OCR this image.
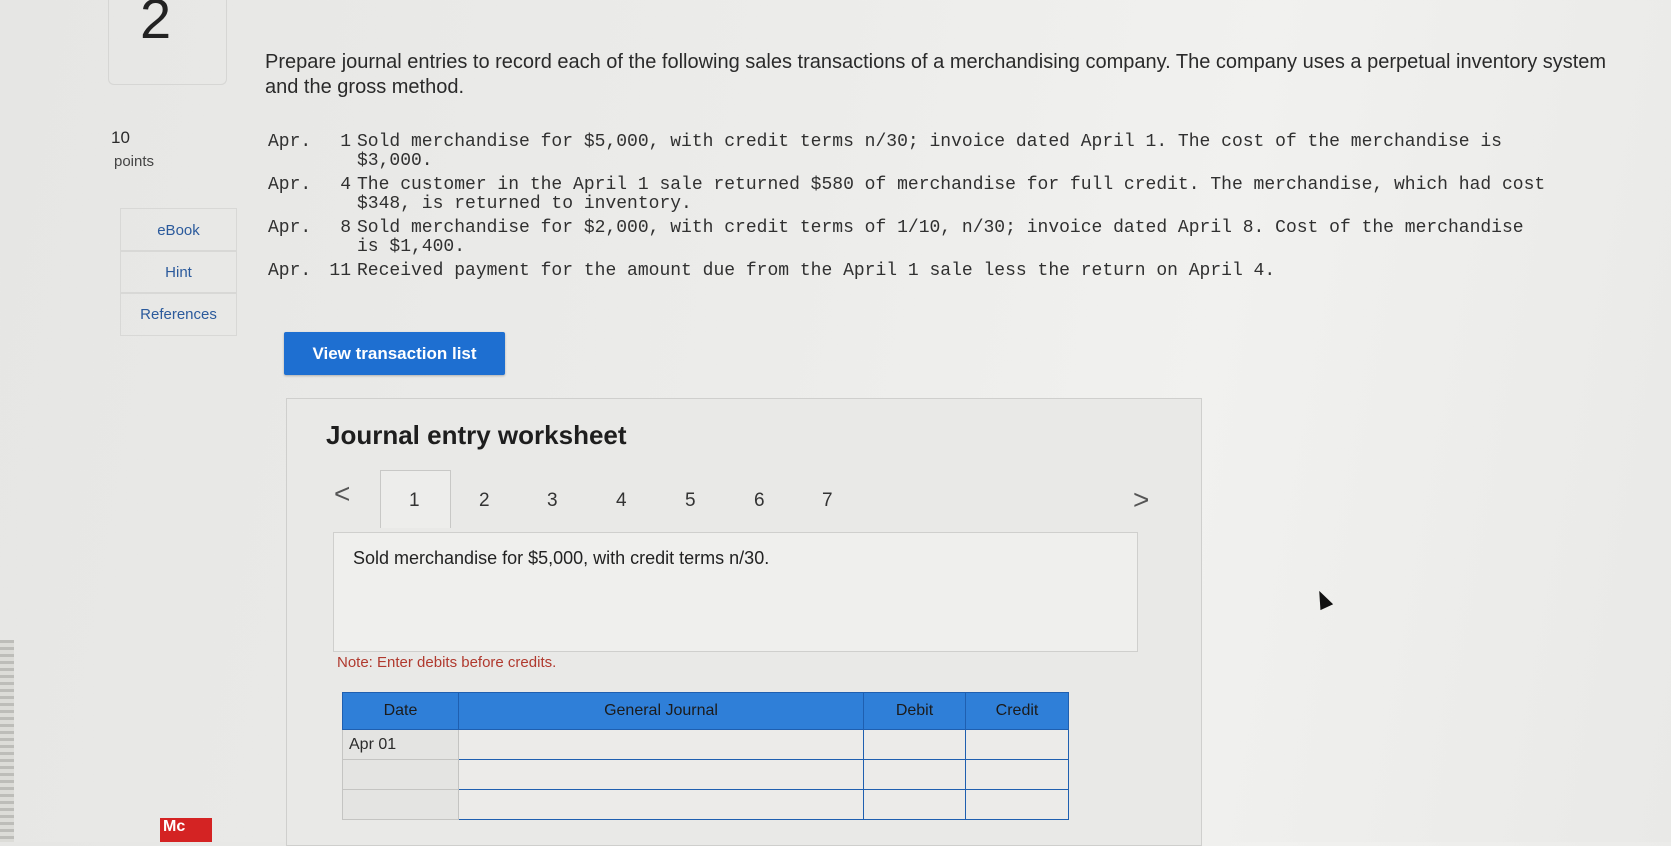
2
10
points
eBook
Hint
References
Prepare journal entries to record each of the following sales transactions of a merchandising company. The company uses a perpetual inventory system and the gross method.
Apr.	1 Sold merchandise for $5,000, with credit terms n/30; invoice dated April 1. The cost of the merchandise is $3,000.
Apr.	4 The customer in the April 1 sale returned $580 of merchandise for full credit. The merchandise, which had cost $348, is returned to inventory.
Apr.	8 Sold merchandise for $2,000, with credit terms of 1/10, n/30; invoice dated April 8. Cost of the merchandise is $1,400.
Apr.	11 Received payment for the amount due from the April 1 sale less the return on April 4.
View transaction list
Journal entry worksheet
<	>
1	2	3	4	5	6	7
Sold merchandise for $5,000, with credit terms n/30.
Note: Enter debits before credits.
Date	General Journal	Debit	Credit
Apr 01			

Mc
